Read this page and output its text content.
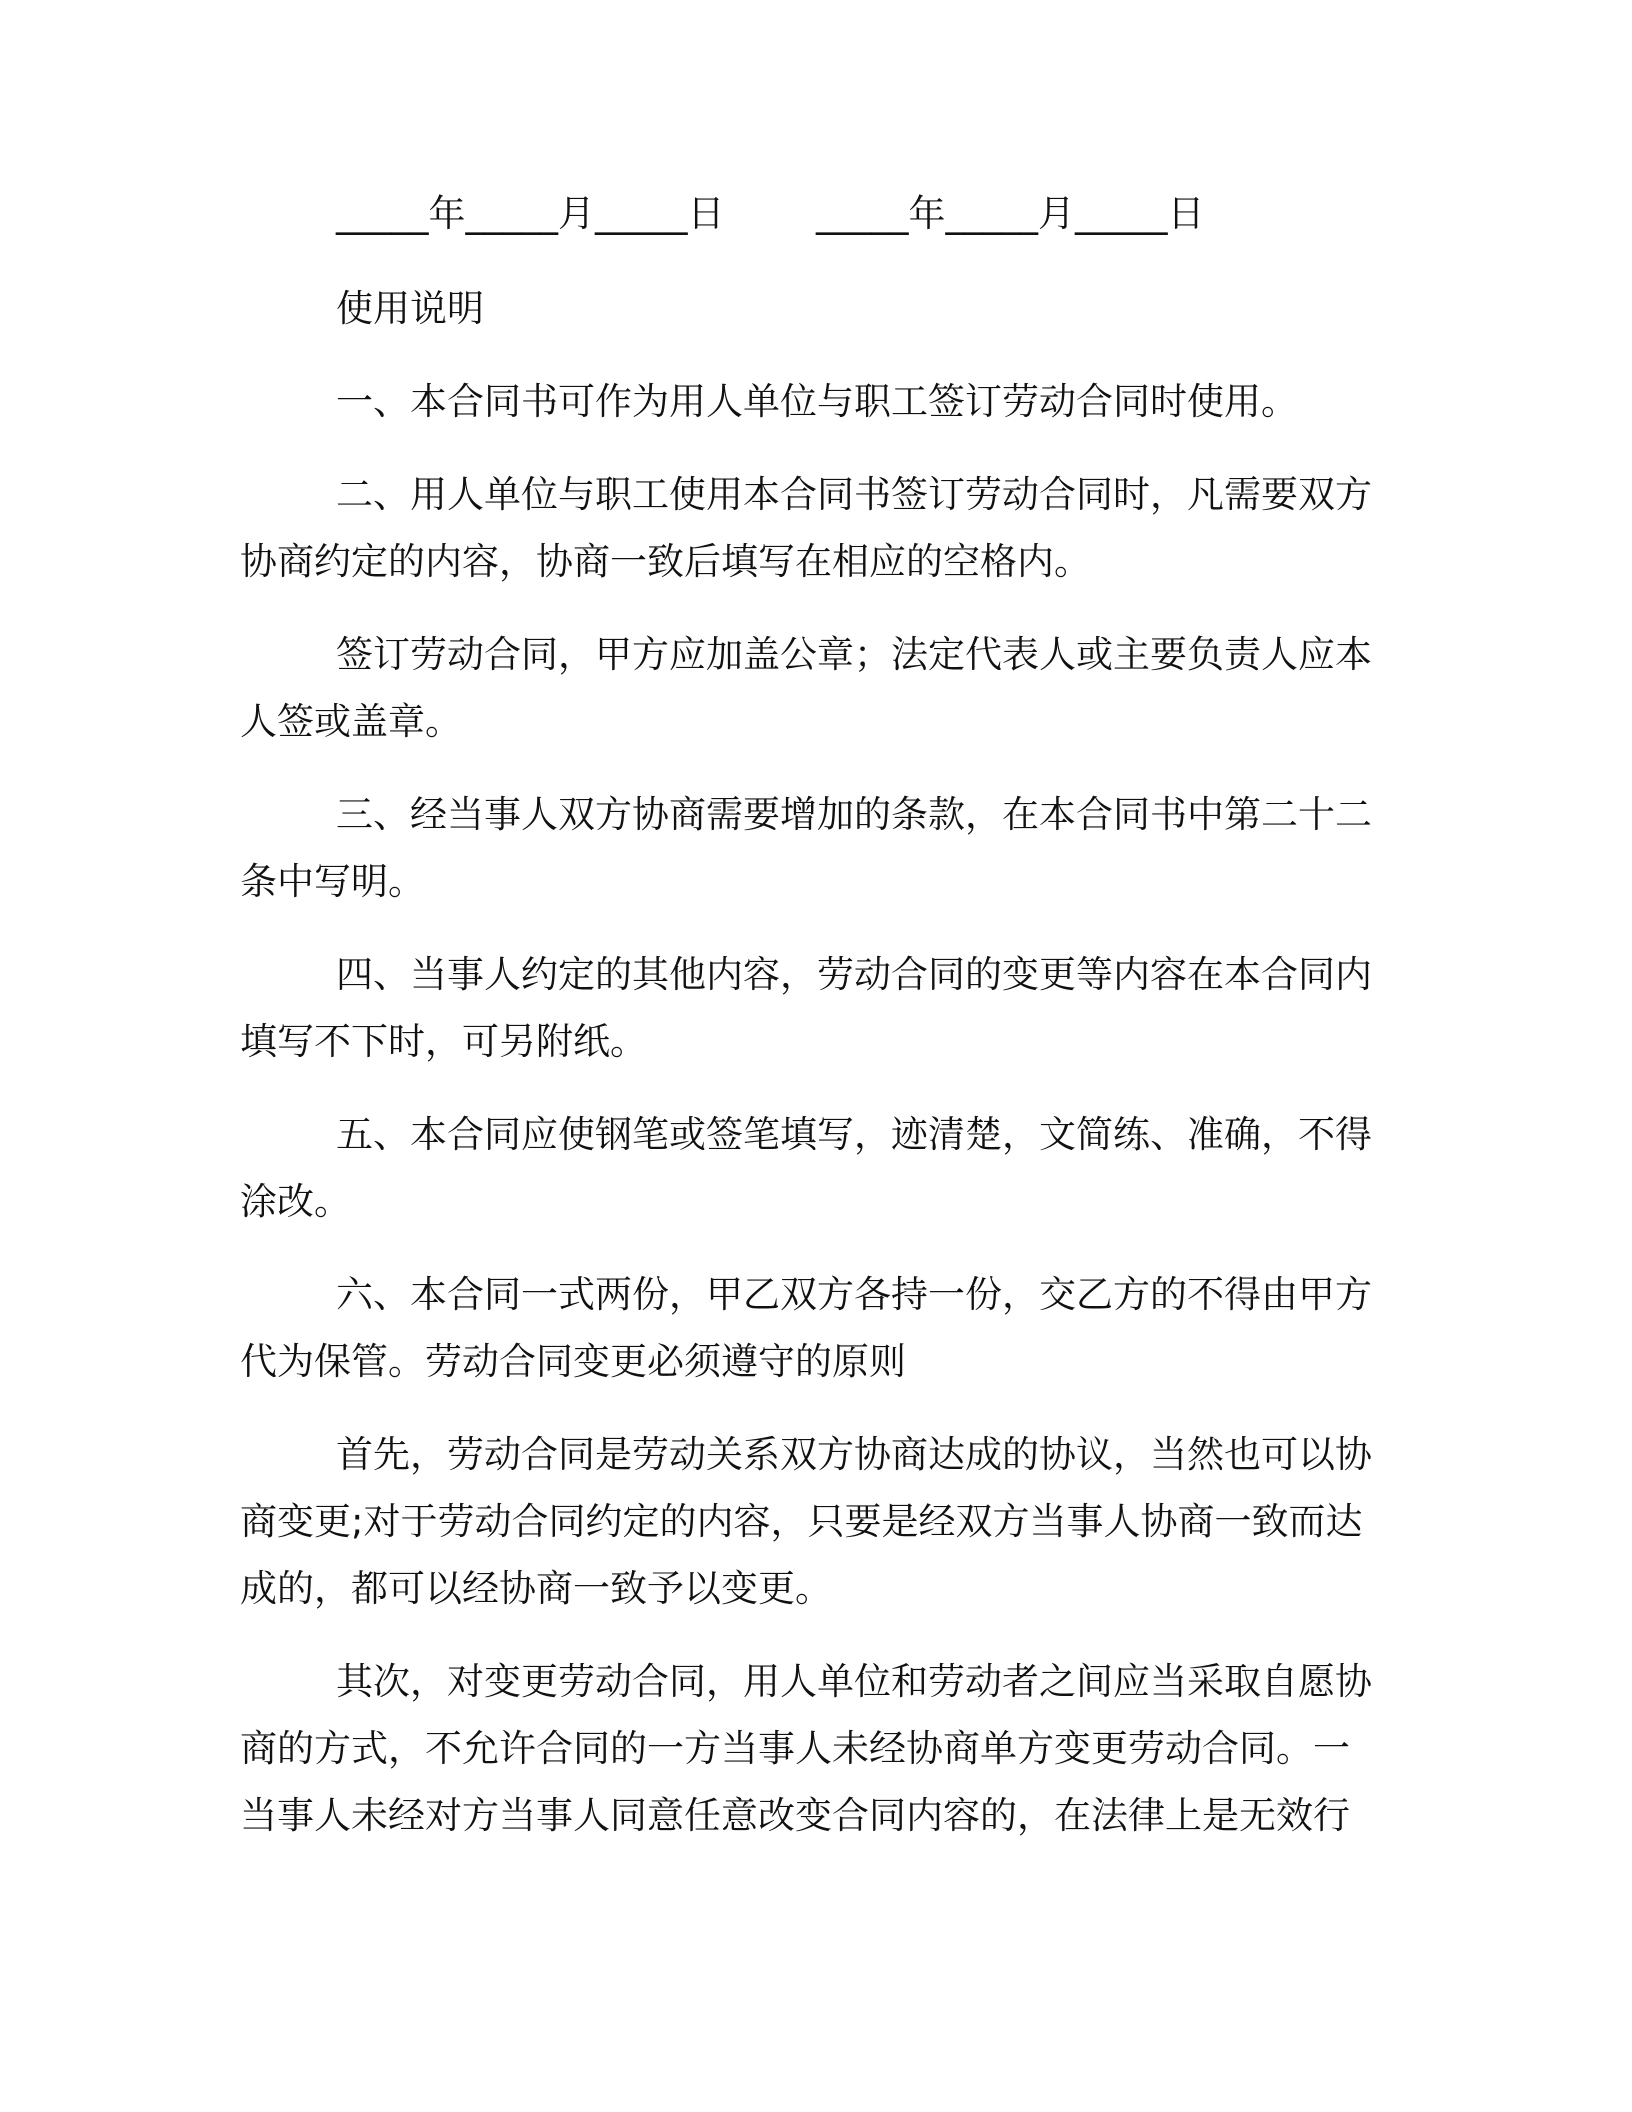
_____年_____月_____日 _____年_____月_____日

使用说明

一、本合同书可作为用人单位与职工签订劳动合同时使用。

二、用人单位与职工使用本合同书签订劳动合同时，凡需要双方

协商约定的内容，协商一致后填写在相应的空格内。

签订劳动合同，甲方应加盖公章；法定代表人或主要负责人应本

人签或盖章。

三、经当事人双方协商需要增加的条款，在本合同书中第二十二

条中写明。

四、当事人约定的其他内容，劳动合同的变更等内容在本合同内

填写不下时，可另附纸。

五、本合同应使钢笔或签笔填写，迹清楚，文简练、准确，不得

涂改。

六、本合同一式两份，甲乙双方各持一份，交乙方的不得由甲方

代为保管。劳动合同变更必须遵守的原则

首先，劳动合同是劳动关系双方协商达成的协议，当然也可以协

商变更;对于劳动合同约定的内容，只要是经双方当事人协商一致而达

成的，都可以经协商一致予以变更。

其次，对变更劳动合同，用人单位和劳动者之间应当采取自愿协

商的方式，不允许合同的一方当事人未经协商单方变更劳动合同。一

当事人未经对方当事人同意任意改变合同内容的，在法律上是无效行
